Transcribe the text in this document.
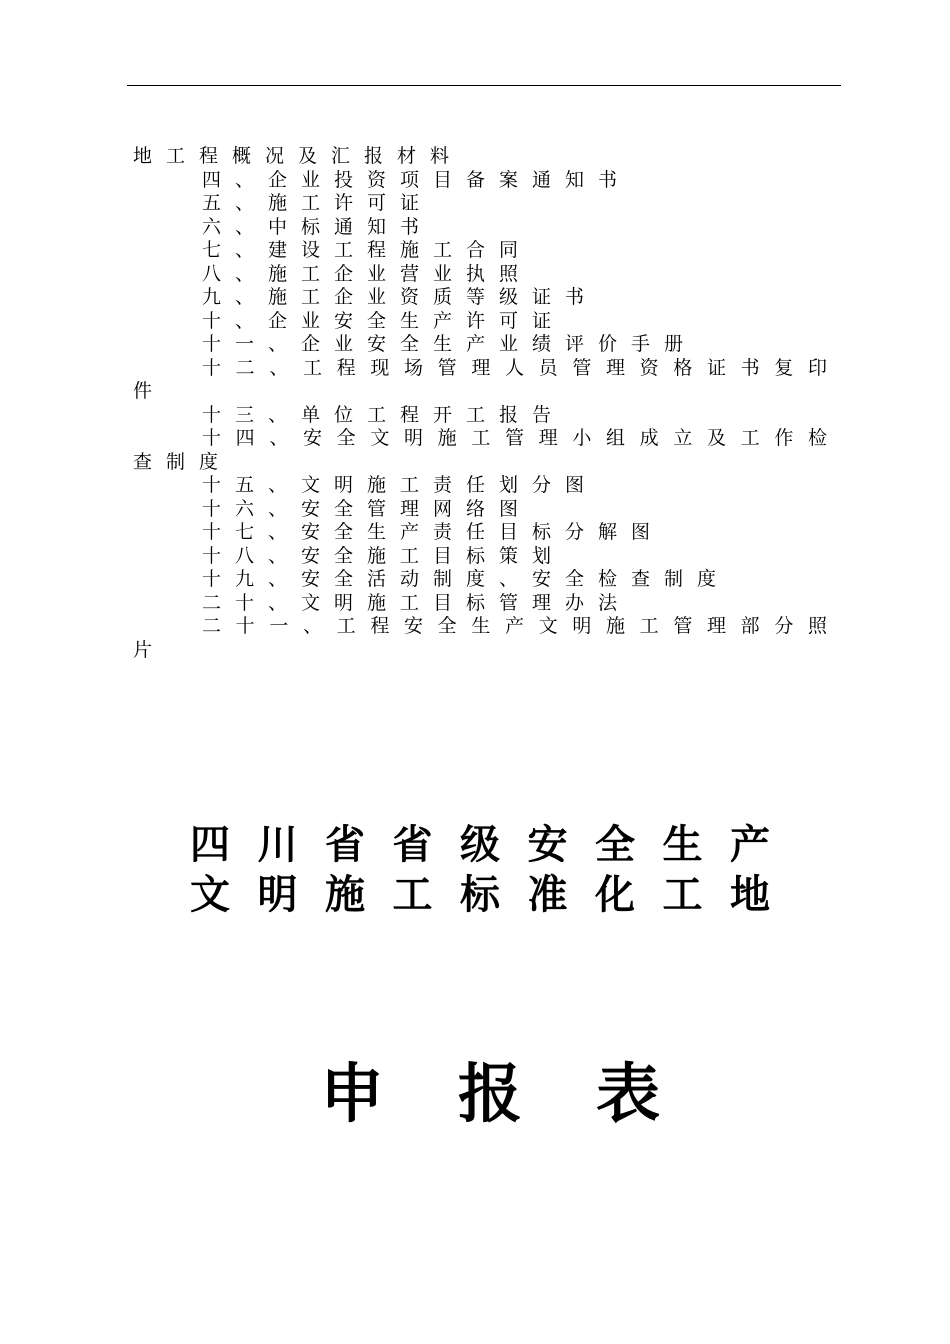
地工程概况及汇报材料
四、企业投资项目备案通知书
五、施工许可证
六、中标通知书
七、建设工程施工合同
八、施工企业营业执照
九、施工企业资质等级证书
十、企业安全生产许可证
十一、企业安全生产业绩评价手册
十 二 、 工 程 现 场 管 理 人 员 管 理 资 格 证 书 复 印
件
十三、单位工程开工报告
十 四 、 安 全 文 明 施 工 管 理 小 组 成 立 及 工 作 检
查制度
十五、文明施工责任划分图
十六、安全管理网络图
十七、安全生产责任目标分解图
十八、安全施工目标策划
十九、安全活动制度、安全检查制度
二十、文明施工目标管理办法
二 十 一 、 工 程 安 全 生 产 文 明 施 工 管 理 部 分 照
片
四 川 省 省 级 安 全 生 产
文 明 施 工 标 准 化 工 地
申 报 表
